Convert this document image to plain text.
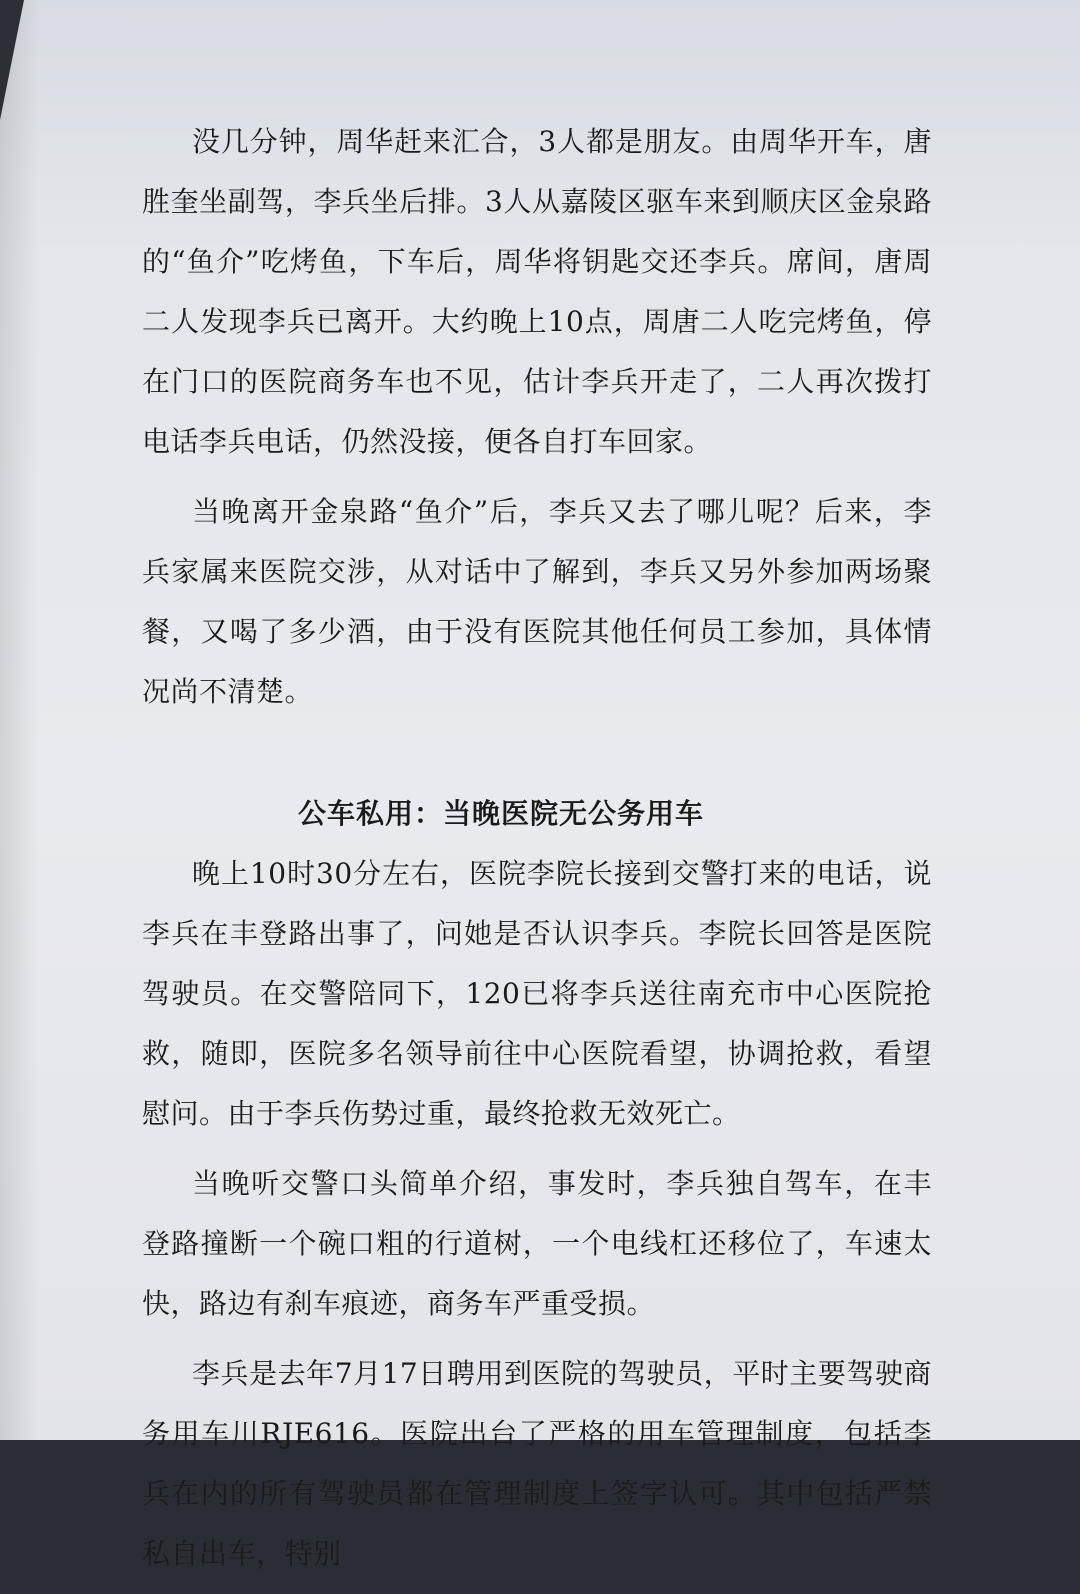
没几分钟，周华赶来汇合，3人都是朋友。由周华开车，唐胜奎坐副驾，李兵坐后排。3人从嘉陵区驱车来到顺庆区金泉路的“鱼介”吃烤鱼，下车后，周华将钥匙交还李兵。席间，唐周二人发现李兵已离开。大约晚上10点，周唐二人吃完烤鱼，停在门口的医院商务车也不见，估计李兵开走了，二人再次拨打电话李兵电话，仍然没接，便各自打车回家。

当晚离开金泉路“鱼介”后，李兵又去了哪儿呢？后来，李兵家属来医院交涉，从对话中了解到，李兵又另外参加两场聚餐，又喝了多少酒，由于没有医院其他任何员工参加，具体情况尚不清楚。

公车私用：当晚医院无公务用车

晚上10时30分左右，医院李院长接到交警打来的电话，说李兵在丰登路出事了，问她是否认识李兵。李院长回答是医院驾驶员。在交警陪同下，120已将李兵送往南充市中心医院抢救，随即，医院多名领导前往中心医院看望，协调抢救，看望慰问。由于李兵伤势过重，最终抢救无效死亡。

当晚听交警口头简单介绍，事发时，李兵独自驾车，在丰登路撞断一个碗口粗的行道树，一个电线杠还移位了，车速太快，路边有刹车痕迹，商务车严重受损。

李兵是去年7月17日聘用到医院的驾驶员，平时主要驾驶商务用车川RJE616。医院出台了严格的用车管理制度，包括李兵在内的所有驾驶员都在管理制度上签字认可。其中包括严禁私自出车，特别
